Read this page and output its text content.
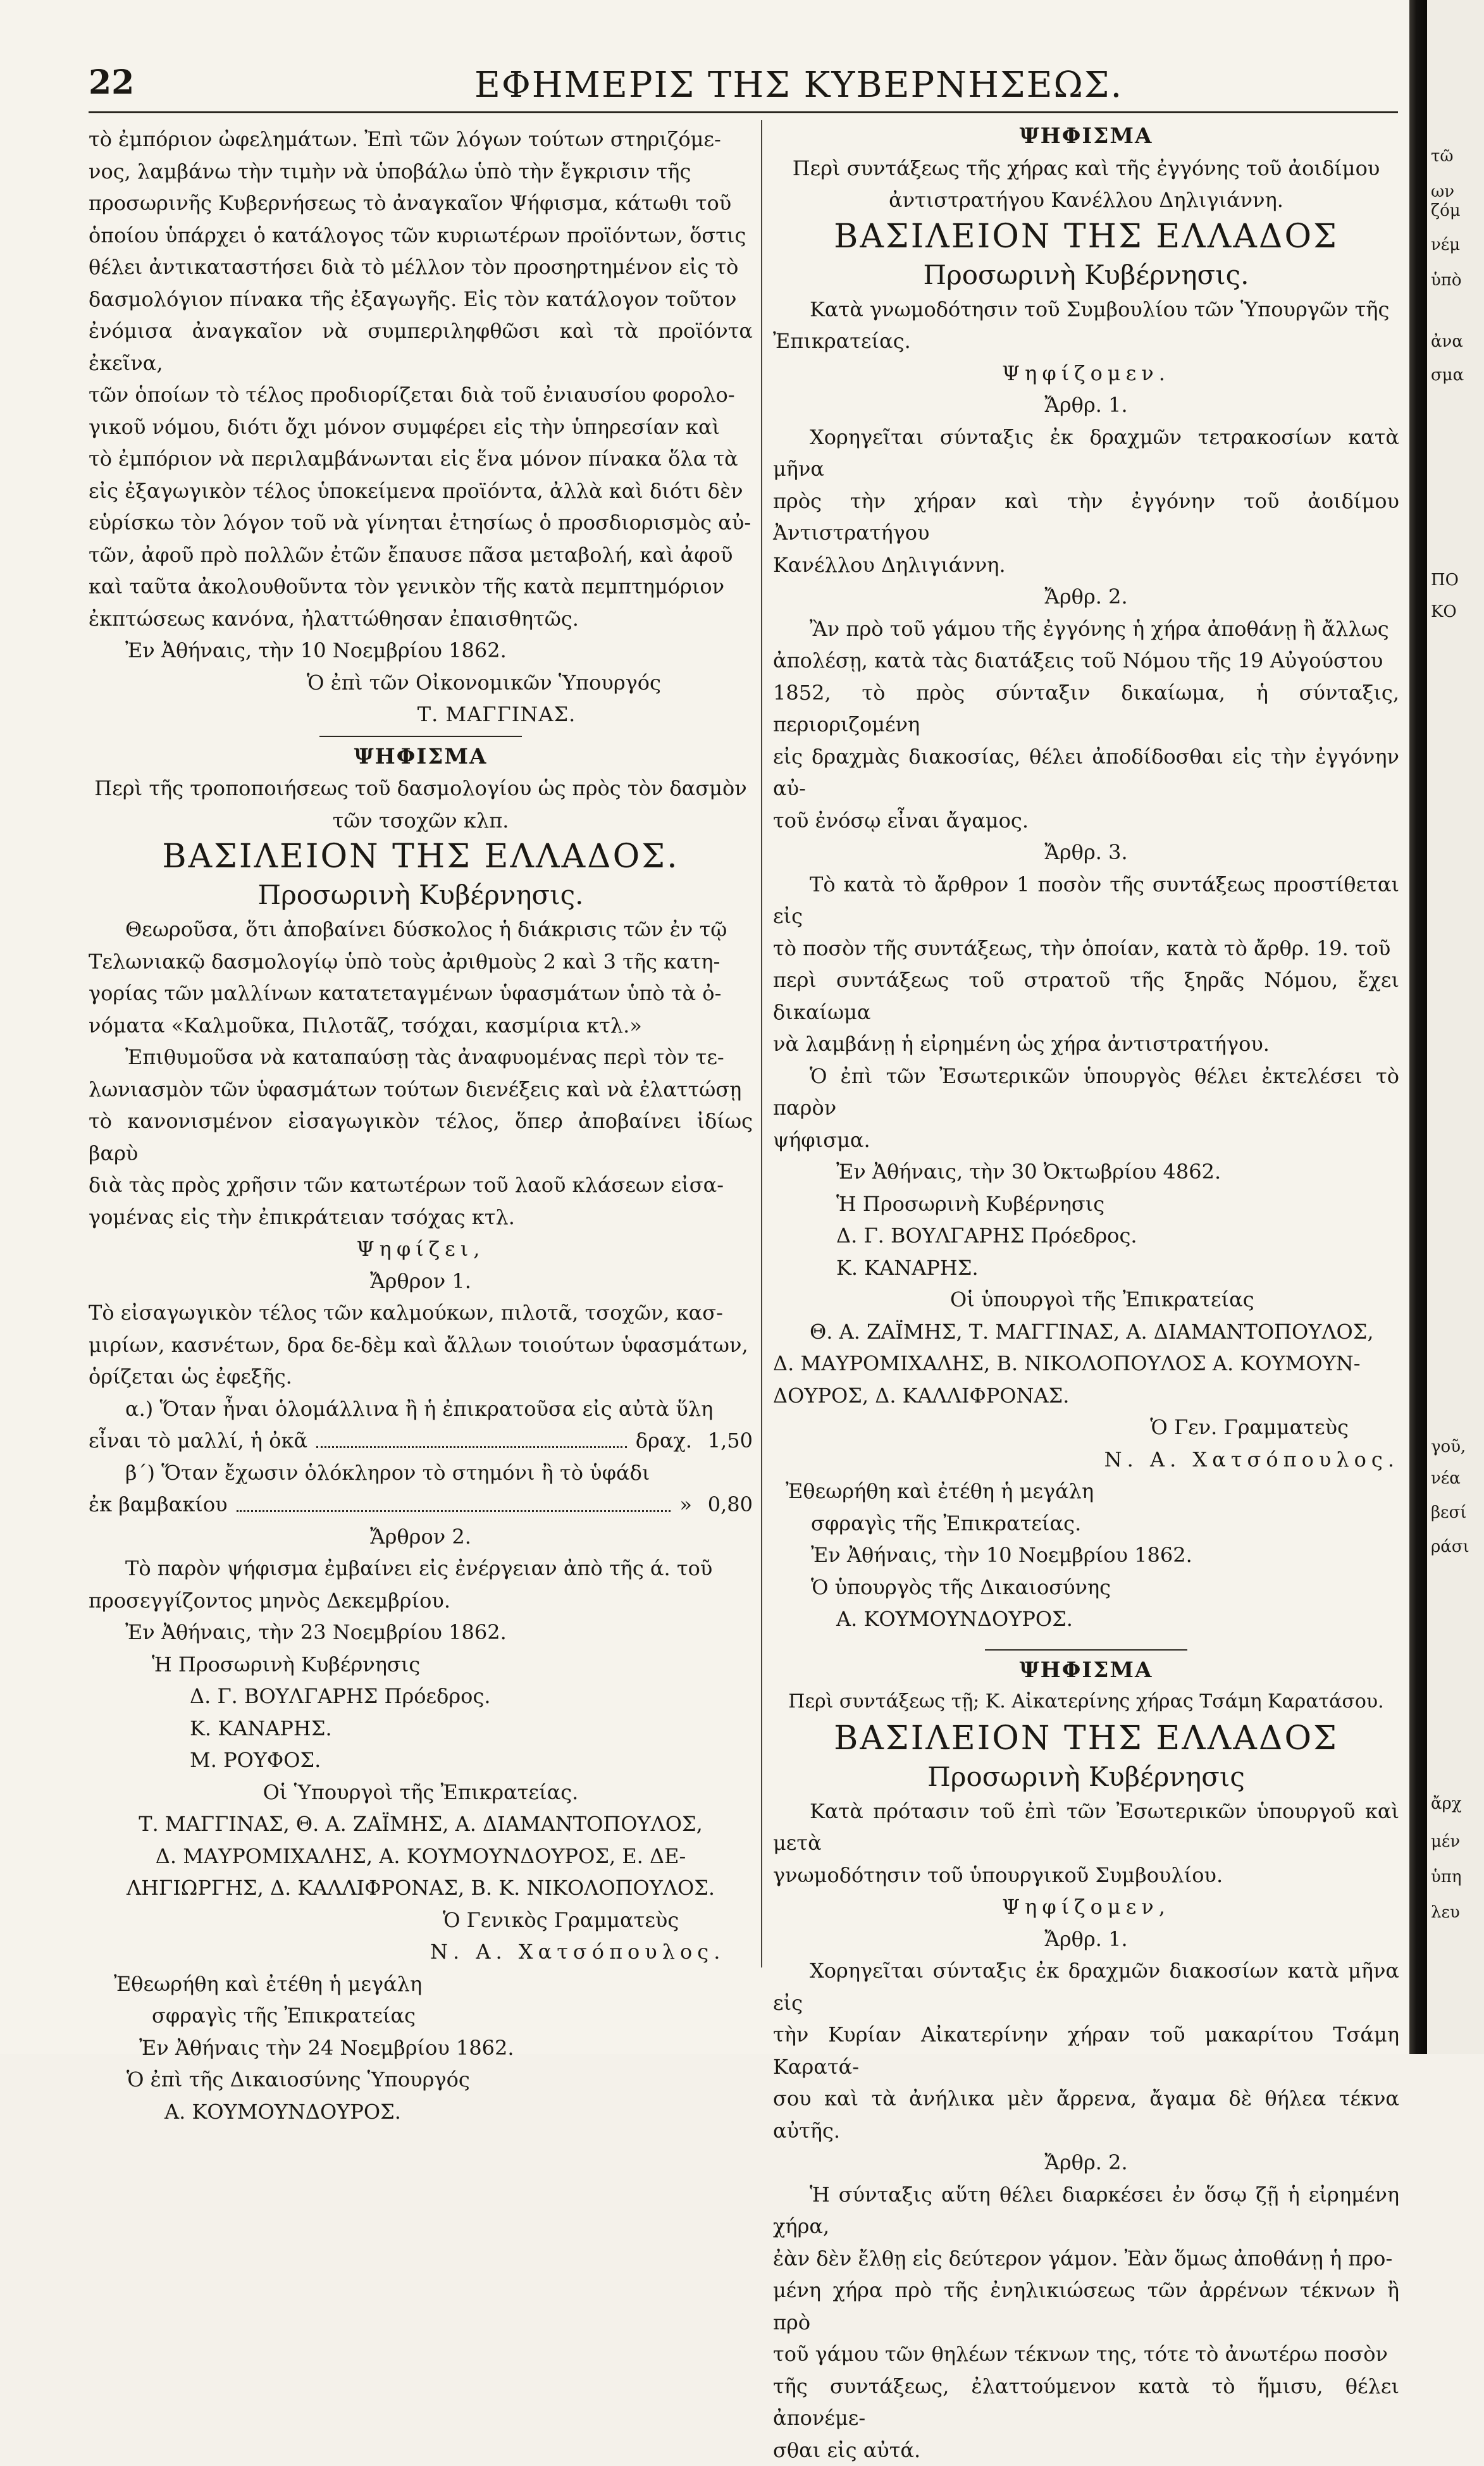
22	ΕΦΗΜΕΡΙΣ ΤΗΣ ΚΥΒΕΡΝΗΣΕΩΣ.

τὸ ἐμπόριον ὠφελημάτων. Ἐπὶ τῶν λόγων τούτων στηριζόμε-

νος, λαμβάνω τὴν τιμὴν νὰ ὑποβάλω ὑπὸ τὴν ἔγκρισιν τῆς

προσωρινῆς Κυβερνήσεως τὸ ἀναγκαῖον Ψήφισμα, κάτωθι τοῦ

ὁποίου ὑπάρχει ὁ κατάλογος τῶν κυριωτέρων προϊόντων, ὅστις

θέλει ἀντικαταστήσει διὰ τὸ μέλλον τὸν προσηρτημένον εἰς τὸ

δασμολόγιον πίνακα τῆς ἐξαγωγῆς. Εἰς τὸν κατάλογον τοῦτον

ἐνόμισα ἀναγκαῖον νὰ συμπεριληφθῶσι καὶ τὰ προϊόντα ἐκεῖνα,

τῶν ὁποίων τὸ τέλος προδιορίζεται διὰ τοῦ ἐνιαυσίου φορολο-

γικοῦ νόμου, διότι ὄχι μόνον συμφέρει εἰς τὴν ὑπηρεσίαν καὶ

τὸ ἐμπόριον νὰ περιλαμβάνωνται εἰς ἕνα μόνον πίνακα ὅλα τὰ

εἰς ἐξαγωγικὸν τέλος ὑποκείμενα προϊόντα, ἀλλὰ καὶ διότι δὲν

εὑρίσκω τὸν λόγον τοῦ νὰ γίνηται ἐτησίως ὁ προσδιορισμὸς αὐ-

τῶν, ἀφοῦ πρὸ πολλῶν ἐτῶν ἔπαυσε πᾶσα μεταβολή, καὶ ἀφοῦ

καὶ ταῦτα ἀκολουθοῦντα τὸν γενικὸν τῆς κατὰ πεμπτημόριον

ἐκπτώσεως κανόνα, ἠλαττώθησαν ἐπαισθητῶς.

Ἐν Ἀθήναις, τὴν 10 Νοεμβρίου 1862.

Ὁ ἐπὶ τῶν Οἰκονομικῶν Ὑπουργός

Τ. ΜΑΓΓΙΝΑΣ.

ΨΗΦΙΣΜΑ

Περὶ τῆς τροποποιήσεως τοῦ δασμολογίου ὡς πρὸς τὸν δασμὸν

τῶν τσοχῶν κλπ.

ΒΑΣΙΛΕΙΟΝ ΤΗΣ ΕΛΛΑΔΟΣ.

Προσωρινὴ Κυβέρνησις.

Θεωροῦσα, ὅτι ἀποβαίνει δύσκολος ἡ διάκρισις τῶν ἐν τῷ

Τελωνιακῷ δασμολογίῳ ὑπὸ τοὺς ἀριθμοὺς 2 καὶ 3 τῆς κατη-

γορίας τῶν μαλλίνων κατατεταγμένων ὑφασμάτων ὑπὸ τὰ ὀ-

νόματα «Καλμοῦκα, Πιλοτᾶζ, τσόχαι, κασμίρια κτλ.»

Ἐπιθυμοῦσα νὰ καταπαύσῃ τὰς ἀναφυομένας περὶ τὸν τε-

λωνιασμὸν τῶν ὑφασμάτων τούτων διενέξεις καὶ νὰ ἐλαττώσῃ

τὸ κανονισμένον εἰσαγωγικὸν τέλος, ὅπερ ἀποβαίνει ἰδίως βαρὺ

διὰ τὰς πρὸς χρῆσιν τῶν κατωτέρων τοῦ λαοῦ κλάσεων εἰσα-

γομένας εἰς τὴν ἐπικράτειαν τσόχας κτλ.

Ψηφίζει,

Ἄρθρον 1.

Τὸ εἰσαγωγικὸν τέλος τῶν καλμούκων, πιλοτᾶ, τσοχῶν, κασ-

μιρίων, κασνέτων, δρα δε-δὲμ καὶ ἄλλων τοιούτων ὑφασμάτων,

ὁρίζεται ὡς ἐφεξῆς.

α.) Ὅταν ἦναι ὁλομάλλινα ἢ ἡ ἐπικρατοῦσα εἰς αὐτὰ ὕλη

εἶναι τὸ μαλλί, ἡ ὀκᾶ	δραχ. 1,50

β΄) Ὅταν ἔχωσιν ὁλόκληρον τὸ στημόνι ἢ τὸ ὑφάδι

ἐκ βαμβακίου	» 0,80

Ἄρθρον 2.

Τὸ παρὸν ψήφισμα ἐμβαίνει εἰς ἐνέργειαν ἀπὸ τῆς ά. τοῦ

προσεγγίζοντος μηνὸς Δεκεμβρίου.

Ἐν Ἀθήναις, τὴν 23 Νοεμβρίου 1862.

Ἡ Προσωρινὴ Κυβέρνησις

Δ. Γ. ΒΟΥΛΓΑΡΗΣ Πρόεδρος.

Κ. ΚΑΝΑΡΗΣ.

Μ. ΡΟΥΦΟΣ.

Οἱ Ὑπουργοὶ τῆς Ἐπικρατείας.

Τ. ΜΑΓΓΙΝΑΣ, Θ. Α. ΖΑΪΜΗΣ, Α. ΔΙΑΜΑΝΤΟΠΟΥΛΟΣ,

Δ. ΜΑΥΡΟΜΙΧΑΛΗΣ, Α. ΚΟΥΜΟΥΝΔΟΥΡΟΣ, Ε. ΔΕ-

ΛΗΓΙΩΡΓΗΣ, Δ. ΚΑΛΛΙΦΡΟΝΑΣ, Β. Κ. ΝΙΚΟΛΟΠΟΥΛΟΣ.

Ὁ Γενικὸς Γραμματεὺς

Ν. Α. Χατσόπουλος.

Ἐθεωρήθη καὶ ἐτέθη ἡ μεγάλη

σφραγὶς τῆς Ἐπικρατείας

Ἐν Ἀθήναις τὴν 24 Νοεμβρίου 1862.

Ὁ ἐπὶ τῆς Δικαιοσύνης Ὑπουργός

Α. ΚΟΥΜΟΥΝΔΟΥΡΟΣ.

ΨΗΦΙΣΜΑ

Περὶ συντάξεως τῆς χήρας καὶ τῆς ἐγγόνης τοῦ ἀοιδίμου

ἀντιστρατήγου Κανέλλου Δηλιγιάννη.

ΒΑΣΙΛΕΙΟΝ ΤΗΣ ΕΛΛΑΔΟΣ

Προσωρινὴ Κυβέρνησις.

Κατὰ γνωμοδότησιν τοῦ Συμβουλίου τῶν Ὑπουργῶν τῆς

Ἐπικρατείας.

Ψηφίζομεν.

Ἄρθρ. 1.

Χορηγεῖται σύνταξις ἐκ δραχμῶν τετρακοσίων κατὰ μῆνα

πρὸς τὴν χήραν καὶ τὴν ἐγγόνην τοῦ ἀοιδίμου Ἀντιστρατήγου

Κανέλλου Δηλιγιάννη.

Ἄρθρ. 2.

Ἂν πρὸ τοῦ γάμου τῆς ἐγγόνης ἡ χήρα ἀποθάνῃ ἢ ἄλλως

ἀπολέσῃ, κατὰ τὰς διατάξεις τοῦ Νόμου τῆς 19 Αὐγούστου

1852, τὸ πρὸς σύνταξιν δικαίωμα, ἡ σύνταξις, περιοριζομένη

εἰς δραχμὰς διακοσίας, θέλει ἀποδίδοσθαι εἰς τὴν ἐγγόνην αὐ-

τοῦ ἐνόσῳ εἶναι ἄγαμος.

Ἄρθρ. 3.

Τὸ κατὰ τὸ ἄρθρον 1 ποσὸν τῆς συντάξεως προστίθεται εἰς

τὸ ποσὸν τῆς συντάξεως, τὴν ὁποίαν, κατὰ τὸ ἄρθρ. 19. τοῦ

περὶ συντάξεως τοῦ στρατοῦ τῆς ξηρᾶς Νόμου, ἔχει δικαίωμα

νὰ λαμβάνῃ ἡ εἰρημένη ὡς χήρα ἀντιστρατήγου.

Ὁ ἐπὶ τῶν Ἐσωτερικῶν ὑπουργὸς θέλει ἐκτελέσει τὸ παρὸν

ψήφισμα.

Ἐν Ἀθήναις, τὴν 30 Ὀκτωβρίου 4862.

Ἡ Προσωρινὴ Κυβέρνησις

Δ. Γ. ΒΟΥΛΓΑΡΗΣ Πρόεδρος.

Κ. ΚΑΝΑΡΗΣ.

Οἱ ὑπουργοὶ τῆς Ἐπικρατείας

Θ. Α. ΖΑΪΜΗΣ, Τ. ΜΑΓΓΙΝΑΣ, Α. ΔΙΑΜΑΝΤΟΠΟΥΛΟΣ,

Δ. ΜΑΥΡΟΜΙΧΑΛΗΣ, Β. ΝΙΚΟΛΟΠΟΥΛΟΣ Α. ΚΟΥΜΟΥΝ-

ΔΟΥΡΟΣ, Δ. ΚΑΛΛΙΦΡΟΝΑΣ.

Ὁ Γεν. Γραμματεὺς

Ν. Α. Χατσόπουλος.

Ἐθεωρήθη καὶ ἐτέθη ἡ μεγάλη

σφραγὶς τῆς Ἐπικρατείας.

Ἐν Ἀθήναις, τὴν 10 Νοεμβρίου 1862.

Ὁ ὑπουργὸς τῆς Δικαιοσύνης

Α. ΚΟΥΜΟΥΝΔΟΥΡΟΣ.

ΨΗΦΙΣΜΑ

Περὶ συντάξεως τῇ; Κ. Αἰκατερίνης χήρας Τσάμη Καρατάσου.

ΒΑΣΙΛΕΙΟΝ ΤΗΣ ΕΛΛΑΔΟΣ

Προσωρινὴ Κυβέρνησις

Κατὰ πρότασιν τοῦ ἐπὶ τῶν Ἐσωτερικῶν ὑπουργοῦ καὶ μετὰ

γνωμοδότησιν τοῦ ὑπουργικοῦ Συμβουλίου.

Ψηφίζομεν,

Ἄρθρ. 1.

Χορηγεῖται σύνταξις ἐκ δραχμῶν διακοσίων κατὰ μῆνα εἰς

τὴν Κυρίαν Αἰκατερίνην χήραν τοῦ μακαρίτου Τσάμη Καρατά-

σου καὶ τὰ ἀνήλικα μὲν ἄρρενα, ἄγαμα δὲ θήλεα τέκνα αὐτῆς.

Ἄρθρ. 2.

Ἡ σύνταξις αὕτη θέλει διαρκέσει ἐν ὅσῳ ζῇ ἡ εἰρημένη χήρα,

ἐὰν δὲν ἔλθῃ εἰς δεύτερον γάμον. Ἐὰν ὅμως ἀποθάνῃ ἡ προ-

μένη χήρα πρὸ τῆς ἐνηλικιώσεως τῶν ἀρρένων τέκνων ἢ πρὸ

τοῦ γάμου τῶν θηλέων τέκνων της, τότε τὸ ἀνωτέρω ποσὸν

τῆς συντάξεως, ἐλαττούμενον κατὰ τὸ ἥμισυ, θέλει ἀπονέμε-

σθαι εἰς αὐτά.

τῶ
ων
ζόμ
νέμ
ὑπὸ
ἀνα
σμα
ΠΟ
ΚΟ
γοῦ,
νέα
βεσί
ράσι
ἄρχ
μέν
ὑπη
λευ
